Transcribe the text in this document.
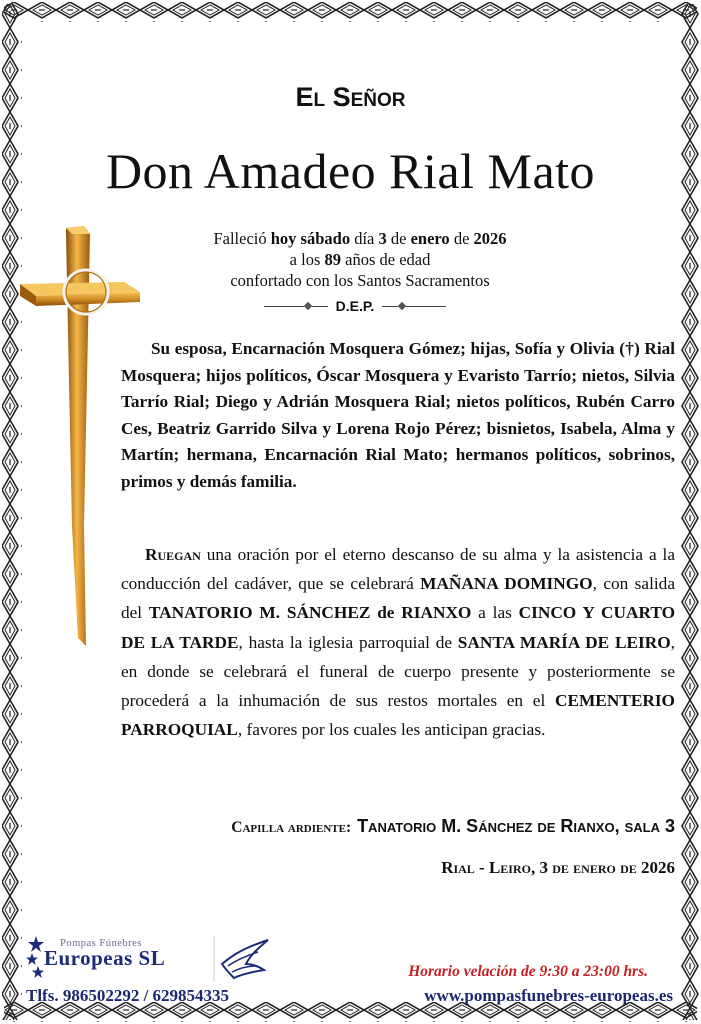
El Señor
Don Amadeo Rial Mato
Falleció hoy sábado día 3 de enero de 2026
a los 89 años de edad
confortado con los Santos Sacramentos
D.E.P.
Su esposa, Encarnación Mosquera Gómez; hijas, Sofía y Olivia (†) Rial Mosquera; hijos políticos, Óscar Mosquera y Evaristo Tarrío; nietos, Silvia Tarrío Rial; Diego y Adrián Mosquera Rial; nietos políticos, Rubén Carro Ces, Beatriz Garrido Silva y Lorena Rojo Pérez; bisnietos, Isabela, Alma y Martín; hermana, Encarnación Rial Mato; hermanos políticos, sobrinos, primos y demás familia.
Ruegan una oración por el eterno descanso de su alma y la asistencia a la conducción del cadáver, que se celebrará MAÑANA DOMINGO, con salida del TANATORIO M. SÁNCHEZ de RIANXO a las CINCO Y CUARTO DE LA TARDE, hasta la iglesia parroquial de SANTA MARÍA DE LEIRO, en donde se celebrará el funeral de cuerpo presente y posteriormente se procederá a la inhumación de sus restos mortales en el CEMENTERIO PARROQUIAL, favores por los cuales les anticipan gracias.
Capilla ardiente: Tanatorio M. Sánchez de Rianxo, sala 3
Rial - Leiro, 3 de enero de 2026
Pompas Fúnebres
Europeas SL
Horario velación de 9:30 a 23:00 hrs.
Tlfs. 986502292 / 629854335	www.pompasfunebres-europeas.es
